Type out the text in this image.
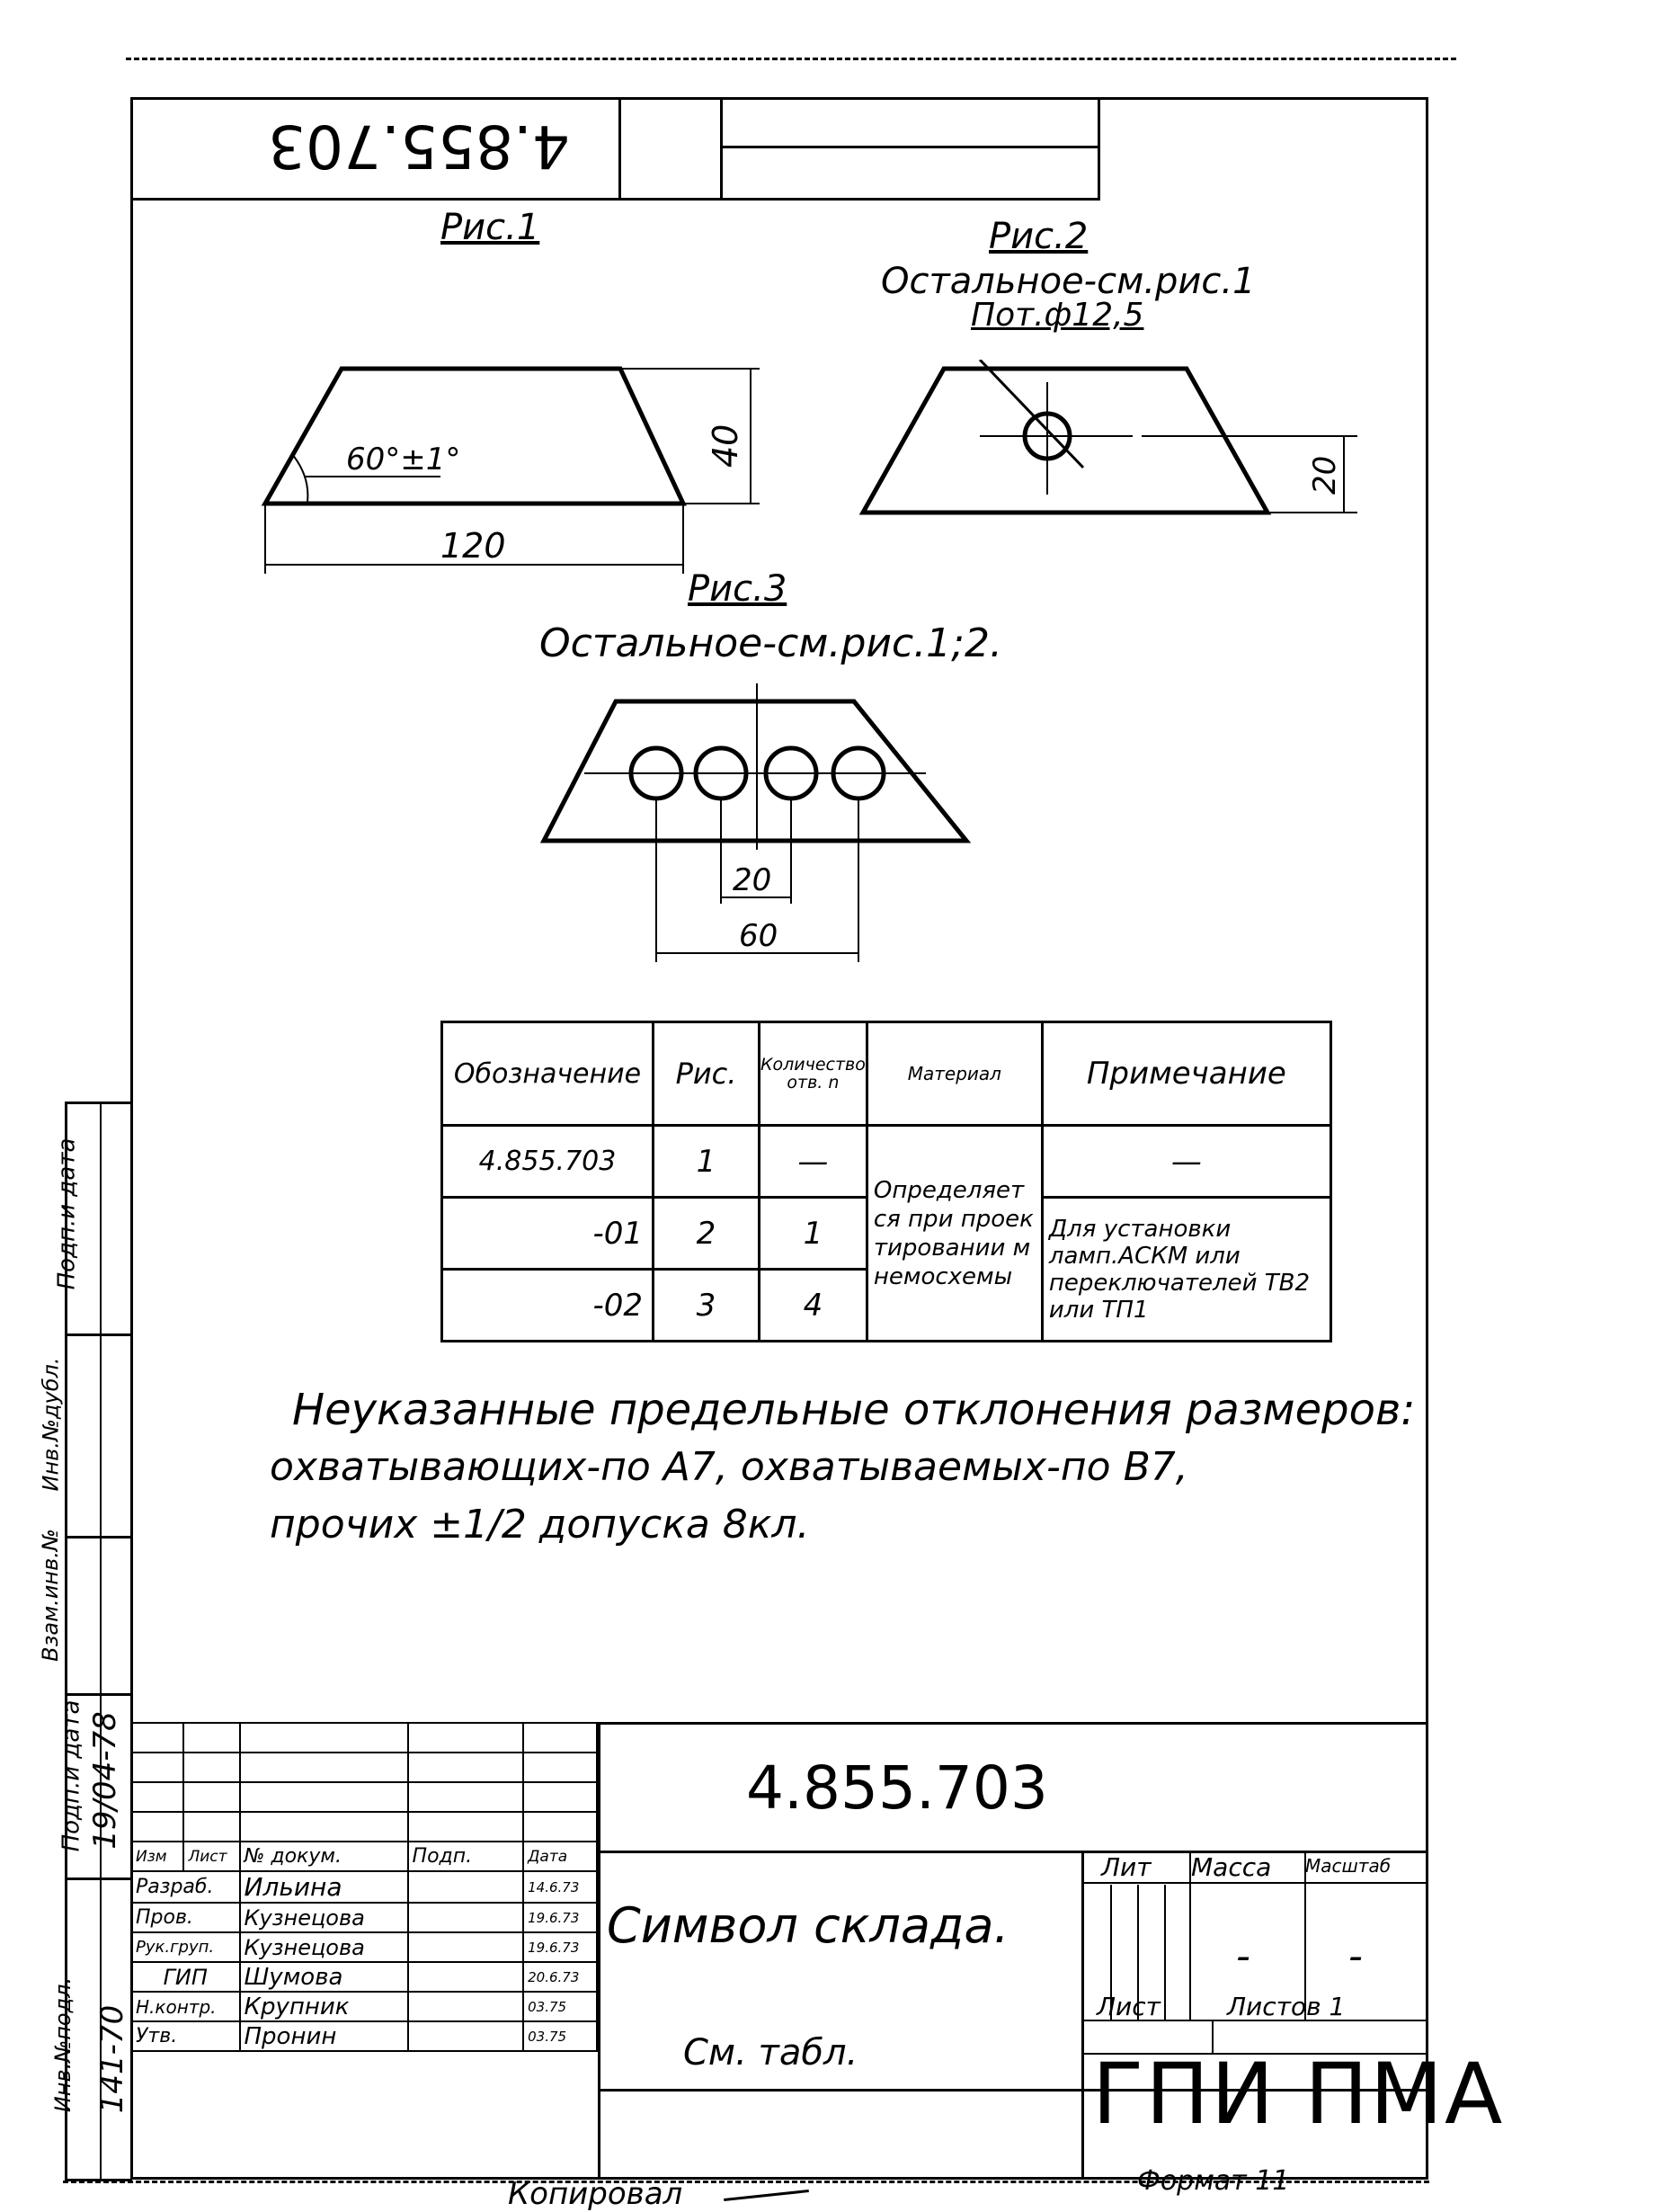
4.855.703
Рис.1	Рис.2
Остальное-см.рис.1
Пот.ф12,5
Рис.3
Остальное-см.рис.1;2.
60°±1°
120
40
20
20
60
Обозначение	Рис.	Количество отв. n	Материал	Примечание
4.855.703	1	—	Определяется при проектировании мнемосхемы	—
-01	2	1		Для установки ламп.АСКМ или переключателей ТВ2 или ТП1
-02	3	4		
Неуказанные предельные отклонения размеров:
охватывающих-по А7, охватываемых-по В7,
прочих ±1/2 допуска 8кл.
Подп.и дата
Инв.№дубл.
Взам.инв.№
Подп.и дата
Инв.№подл.
19/04-78
141-70

Изм	Лист	№ докум.	Подп.	Дата
Разраб.		Ильина		14.6.73
Пров.		Кузнецова		19.6.73
Рук.груп.		Кузнецова		19.6.73
ГИП		Шумова		20.6.73
Н.контр.		Крупник		03.75
Утв.		Пронин		03.75
4.855.703
Символ склада.
См. табл.
Лит Масса Масштаб
- -
Лист	Листов 1
ГПИ ПМА
Копировал	Формат 11
